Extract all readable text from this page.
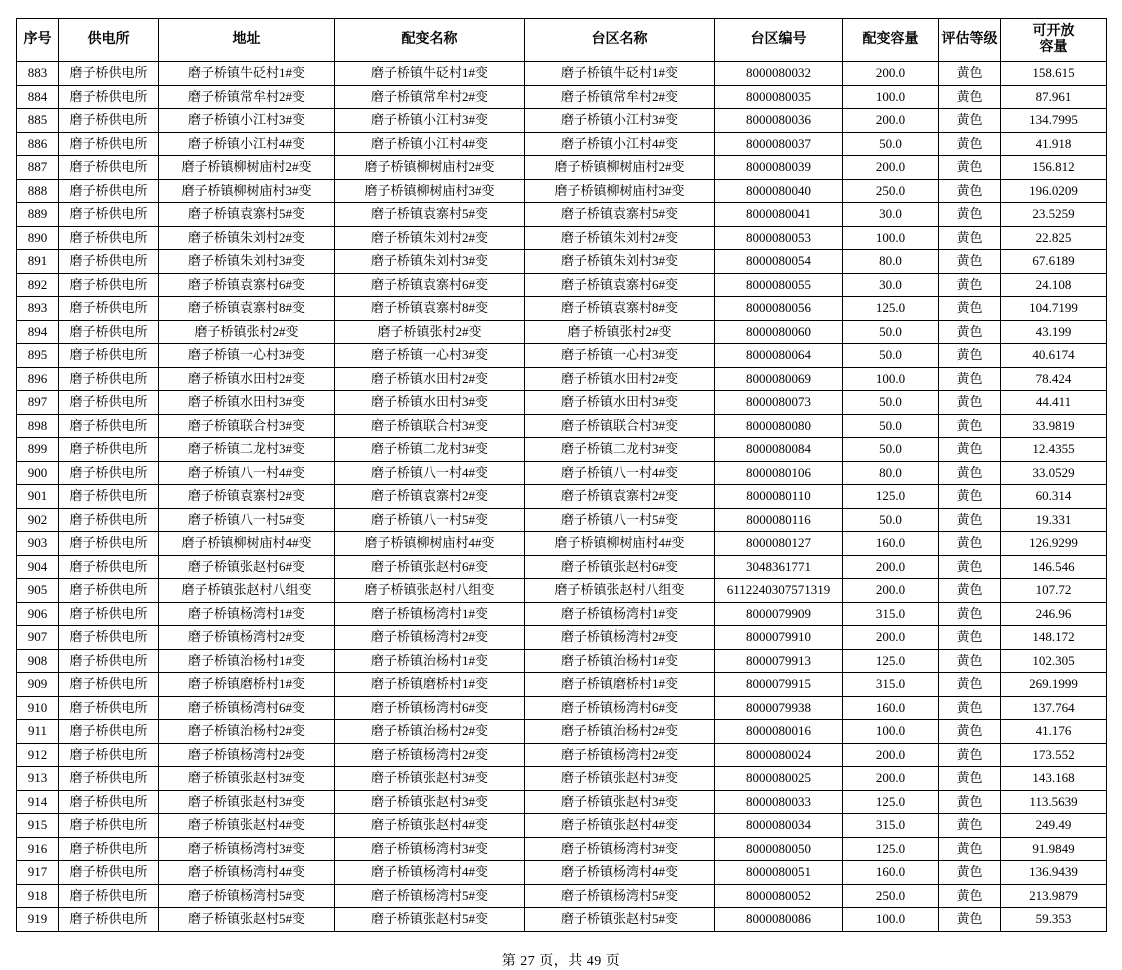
序号	供电所	地址	配变名称	台区名称	台区编号	配变容量	评估等级	可开放
容量

883	磨子桥供电所	磨子桥镇牛砭村1#变	磨子桥镇牛砭村1#变	磨子桥镇牛砭村1#变	8000080032	200.0	黄色	158.615
884	磨子桥供电所	磨子桥镇常牟村2#变	磨子桥镇常牟村2#变	磨子桥镇常牟村2#变	8000080035	100.0	黄色	87.961
885	磨子桥供电所	磨子桥镇小江村3#变	磨子桥镇小江村3#变	磨子桥镇小江村3#变	8000080036	200.0	黄色	134.7995
886	磨子桥供电所	磨子桥镇小江村4#变	磨子桥镇小江村4#变	磨子桥镇小江村4#变	8000080037	50.0	黄色	41.918
887	磨子桥供电所	磨子桥镇柳树庙村2#变	磨子桥镇柳树庙村2#变	磨子桥镇柳树庙村2#变	8000080039	200.0	黄色	156.812
888	磨子桥供电所	磨子桥镇柳树庙村3#变	磨子桥镇柳树庙村3#变	磨子桥镇柳树庙村3#变	8000080040	250.0	黄色	196.0209
889	磨子桥供电所	磨子桥镇袁寨村5#变	磨子桥镇袁寨村5#变	磨子桥镇袁寨村5#变	8000080041	30.0	黄色	23.5259
890	磨子桥供电所	磨子桥镇朱刘村2#变	磨子桥镇朱刘村2#变	磨子桥镇朱刘村2#变	8000080053	100.0	黄色	22.825
891	磨子桥供电所	磨子桥镇朱刘村3#变	磨子桥镇朱刘村3#变	磨子桥镇朱刘村3#变	8000080054	80.0	黄色	67.6189
892	磨子桥供电所	磨子桥镇袁寨村6#变	磨子桥镇袁寨村6#变	磨子桥镇袁寨村6#变	8000080055	30.0	黄色	24.108
893	磨子桥供电所	磨子桥镇袁寨村8#变	磨子桥镇袁寨村8#变	磨子桥镇袁寨村8#变	8000080056	125.0	黄色	104.7199
894	磨子桥供电所	磨子桥镇张村2#变	磨子桥镇张村2#变	磨子桥镇张村2#变	8000080060	50.0	黄色	43.199
895	磨子桥供电所	磨子桥镇一心村3#变	磨子桥镇一心村3#变	磨子桥镇一心村3#变	8000080064	50.0	黄色	40.6174
896	磨子桥供电所	磨子桥镇水田村2#变	磨子桥镇水田村2#变	磨子桥镇水田村2#变	8000080069	100.0	黄色	78.424
897	磨子桥供电所	磨子桥镇水田村3#变	磨子桥镇水田村3#变	磨子桥镇水田村3#变	8000080073	50.0	黄色	44.411
898	磨子桥供电所	磨子桥镇联合村3#变	磨子桥镇联合村3#变	磨子桥镇联合村3#变	8000080080	50.0	黄色	33.9819
899	磨子桥供电所	磨子桥镇二龙村3#变	磨子桥镇二龙村3#变	磨子桥镇二龙村3#变	8000080084	50.0	黄色	12.4355
900	磨子桥供电所	磨子桥镇八一村4#变	磨子桥镇八一村4#变	磨子桥镇八一村4#变	8000080106	80.0	黄色	33.0529
901	磨子桥供电所	磨子桥镇袁寨村2#变	磨子桥镇袁寨村2#变	磨子桥镇袁寨村2#变	8000080110	125.0	黄色	60.314
902	磨子桥供电所	磨子桥镇八一村5#变	磨子桥镇八一村5#变	磨子桥镇八一村5#变	8000080116	50.0	黄色	19.331
903	磨子桥供电所	磨子桥镇柳树庙村4#变	磨子桥镇柳树庙村4#变	磨子桥镇柳树庙村4#变	8000080127	160.0	黄色	126.9299
904	磨子桥供电所	磨子桥镇张赵村6#变	磨子桥镇张赵村6#变	磨子桥镇张赵村6#变	3048361771	200.0	黄色	146.546
905	磨子桥供电所	磨子桥镇张赵村八组变	磨子桥镇张赵村八组变	磨子桥镇张赵村八组变	6112240307571319	200.0	黄色	107.72
906	磨子桥供电所	磨子桥镇杨湾村1#变	磨子桥镇杨湾村1#变	磨子桥镇杨湾村1#变	8000079909	315.0	黄色	246.96
907	磨子桥供电所	磨子桥镇杨湾村2#变	磨子桥镇杨湾村2#变	磨子桥镇杨湾村2#变	8000079910	200.0	黄色	148.172
908	磨子桥供电所	磨子桥镇治杨村1#变	磨子桥镇治杨村1#变	磨子桥镇治杨村1#变	8000079913	125.0	黄色	102.305
909	磨子桥供电所	磨子桥镇磨桥村1#变	磨子桥镇磨桥村1#变	磨子桥镇磨桥村1#变	8000079915	315.0	黄色	269.1999
910	磨子桥供电所	磨子桥镇杨湾村6#变	磨子桥镇杨湾村6#变	磨子桥镇杨湾村6#变	8000079938	160.0	黄色	137.764
911	磨子桥供电所	磨子桥镇治杨村2#变	磨子桥镇治杨村2#变	磨子桥镇治杨村2#变	8000080016	100.0	黄色	41.176
912	磨子桥供电所	磨子桥镇杨湾村2#变	磨子桥镇杨湾村2#变	磨子桥镇杨湾村2#变	8000080024	200.0	黄色	173.552
913	磨子桥供电所	磨子桥镇张赵村3#变	磨子桥镇张赵村3#变	磨子桥镇张赵村3#变	8000080025	200.0	黄色	143.168
914	磨子桥供电所	磨子桥镇张赵村3#变	磨子桥镇张赵村3#变	磨子桥镇张赵村3#变	8000080033	125.0	黄色	113.5639
915	磨子桥供电所	磨子桥镇张赵村4#变	磨子桥镇张赵村4#变	磨子桥镇张赵村4#变	8000080034	315.0	黄色	249.49
916	磨子桥供电所	磨子桥镇杨湾村3#变	磨子桥镇杨湾村3#变	磨子桥镇杨湾村3#变	8000080050	125.0	黄色	91.9849
917	磨子桥供电所	磨子桥镇杨湾村4#变	磨子桥镇杨湾村4#变	磨子桥镇杨湾村4#变	8000080051	160.0	黄色	136.9439
918	磨子桥供电所	磨子桥镇杨湾村5#变	磨子桥镇杨湾村5#变	磨子桥镇杨湾村5#变	8000080052	250.0	黄色	213.9879
919	磨子桥供电所	磨子桥镇张赵村5#变	磨子桥镇张赵村5#变	磨子桥镇张赵村5#变	8000080086	100.0	黄色	59.353
第 27 页，共 49 页
